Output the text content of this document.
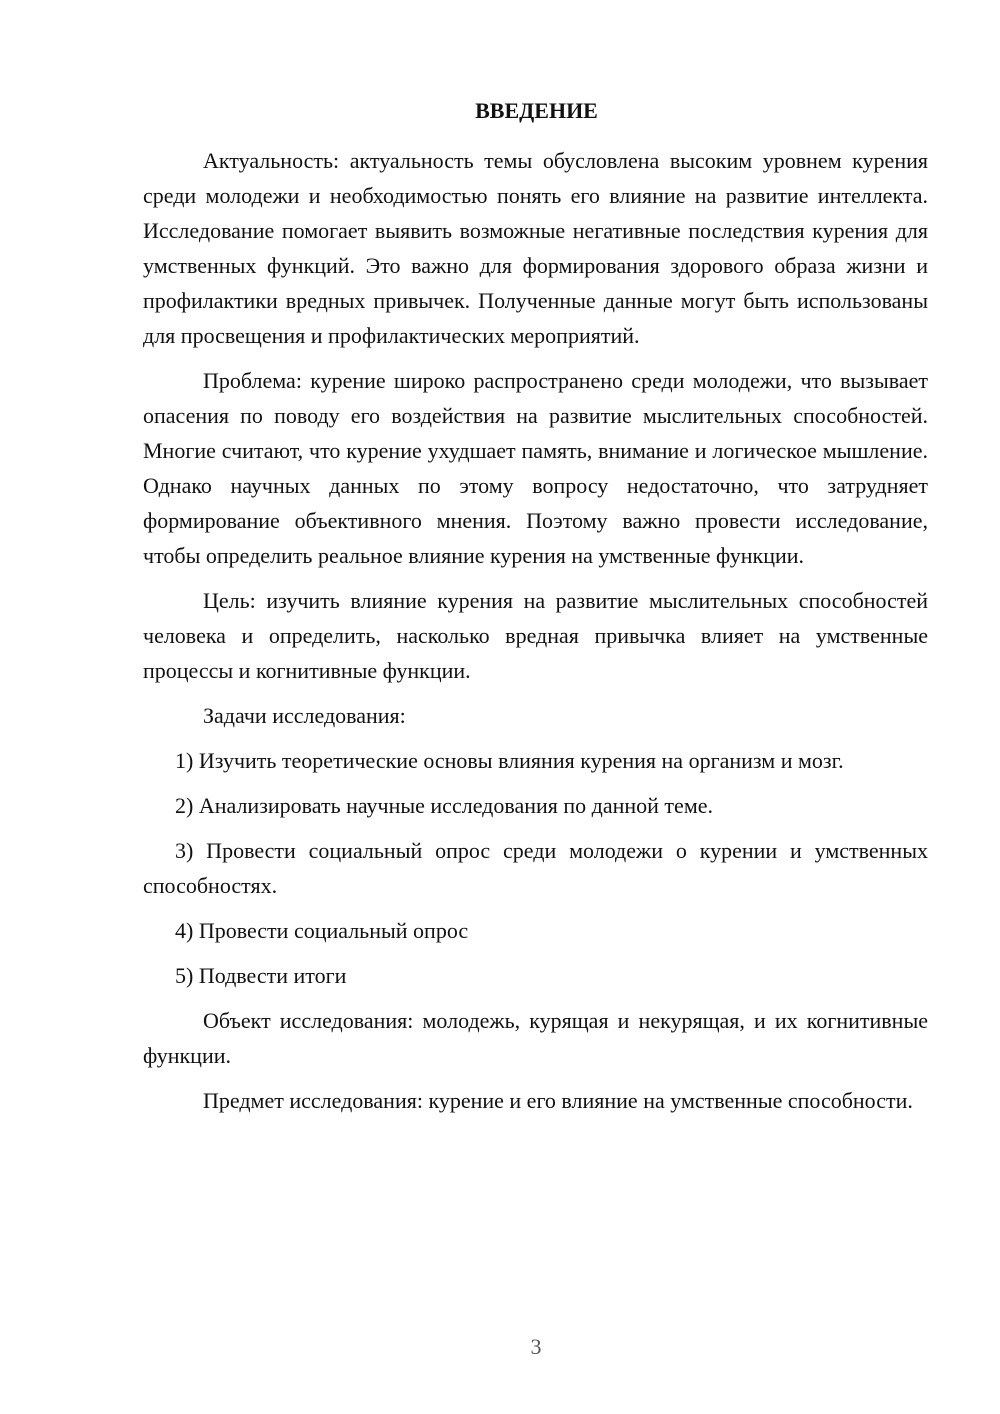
ВВЕДЕНИЕ

Актуальность: актуальность темы обусловлена высоким уровнем курения среди молодежи и необходимостью понять его влияние на развитие интеллекта. Исследование помогает выявить возможные негативные последствия курения для умственных функций. Это важно для формирования здорового образа жизни и профилактики вредных привычек. Полученные данные могут быть использованы для просвещения и профилактических мероприятий.

Проблема: курение широко распространено среди молодежи, что вызывает опасения по поводу его воздействия на развитие мыслительных способностей. Многие считают, что курение ухудшает память, внимание и логическое мышление. Однако научных данных по этому вопросу недостаточно, что затрудняет формирование объективного мнения. Поэтому важно провести исследование, чтобы определить реальное влияние курения на умственные функции.

Цель: изучить влияние курения на развитие мыслительных способностей человека и определить, насколько вредная привычка влияет на умственные процессы и когнитивные функции.

Задачи исследования:

1) Изучить теоретические основы влияния курения на организм и мозг.

2) Анализировать научные исследования по данной теме.

3) Провести социальный опрос среди молодежи о курении и умственных способностях.

4) Провести социальный опрос

5) Подвести итоги

Объект исследования: молодежь, курящая и некурящая, и их когнитивные функции.

Предмет исследования: курение и его влияние на умственные способности.

3
